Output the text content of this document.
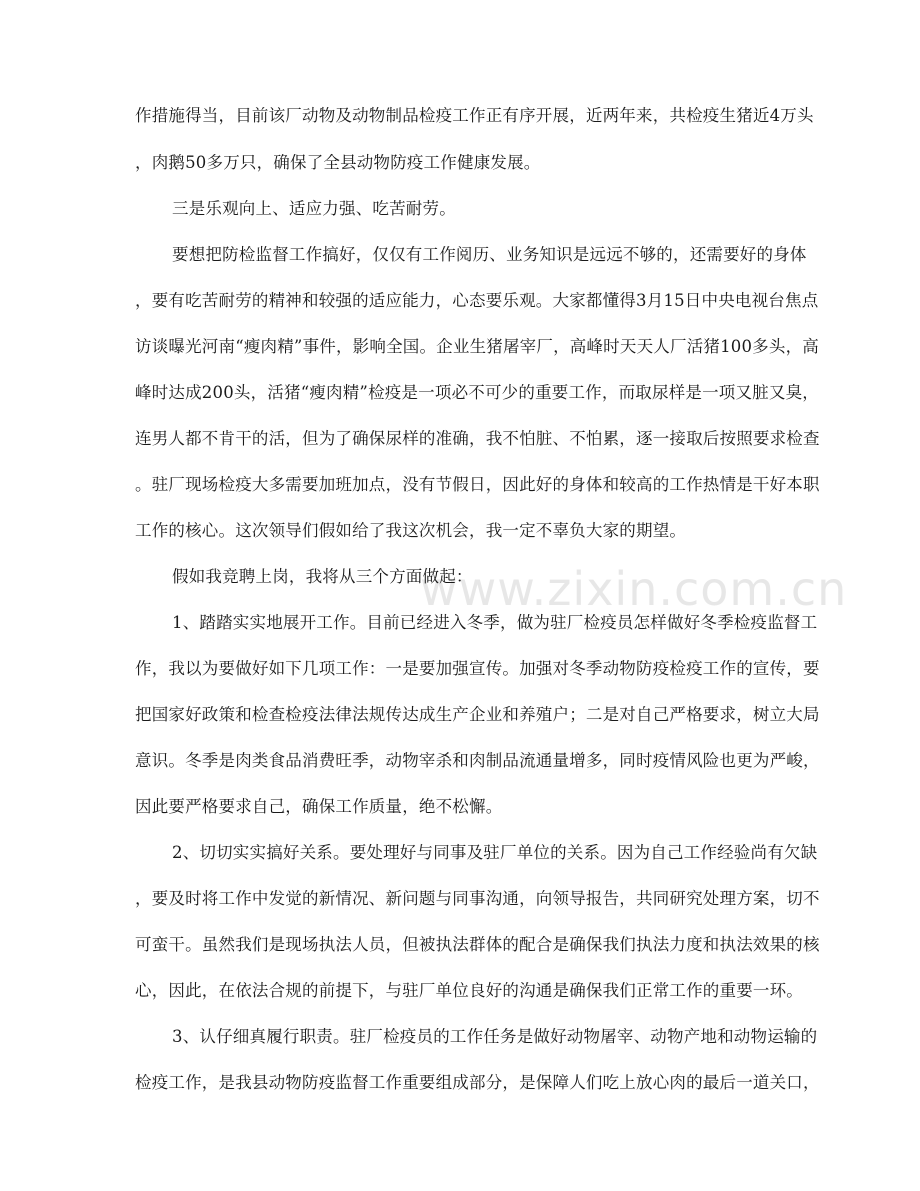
www.zixin.com.cn
作措施得当，目前该厂动物及动物制品检疫工作正有序开展，近两年来，共检疫生猪近4万头
，肉鹅50多万只，确保了全县动物防疫工作健康发展。
三是乐观向上、适应力强、吃苦耐劳。
要想把防检监督工作搞好，仅仅有工作阅历、业务知识是远远不够的，还需要好的身体
，要有吃苦耐劳的精神和较强的适应能力，心态要乐观。大家都懂得3月15日中央电视台焦点
访谈曝光河南“瘦肉精”事件，影响全国。企业生猪屠宰厂，高峰时天天人厂活猪100多头，高
峰时达成200头，活猪“瘦肉精”检疫是一项必不可少的重要工作，而取尿样是一项又脏又臭，
连男人都不肯干的活，但为了确保尿样的准确，我不怕脏、不怕累，逐一接取后按照要求检查
。驻厂现场检疫大多需要加班加点，没有节假日，因此好的身体和较高的工作热情是干好本职
工作的核心。这次领导们假如给了我这次机会，我一定不辜负大家的期望。
假如我竞聘上岗，我将从三个方面做起：
1、踏踏实实地展开工作。目前已经进入冬季，做为驻厂检疫员怎样做好冬季检疫监督工
作，我以为要做好如下几项工作：一是要加强宣传。加强对冬季动物防疫检疫工作的宣传，要
把国家好政策和检查检疫法律法规传达成生产企业和养殖户；二是对自己严格要求，树立大局
意识。冬季是肉类食品消费旺季，动物宰杀和肉制品流通量增多，同时疫情风险也更为严峻，
因此要严格要求自己，确保工作质量，绝不松懈。
2、切切实实搞好关系。要处理好与同事及驻厂单位的关系。因为自己工作经验尚有欠缺
，要及时将工作中发觉的新情况、新问题与同事沟通，向领导报告，共同研究处理方案，切不
可蛮干。虽然我们是现场执法人员，但被执法群体的配合是确保我们执法力度和执法效果的核
心，因此，在依法合规的前提下，与驻厂单位良好的沟通是确保我们正常工作的重要一环。
3、认仔细真履行职责。驻厂检疫员的工作任务是做好动物屠宰、动物产地和动物运输的
检疫工作，是我县动物防疫监督工作重要组成部分，是保障人们吃上放心肉的最后一道关口，
